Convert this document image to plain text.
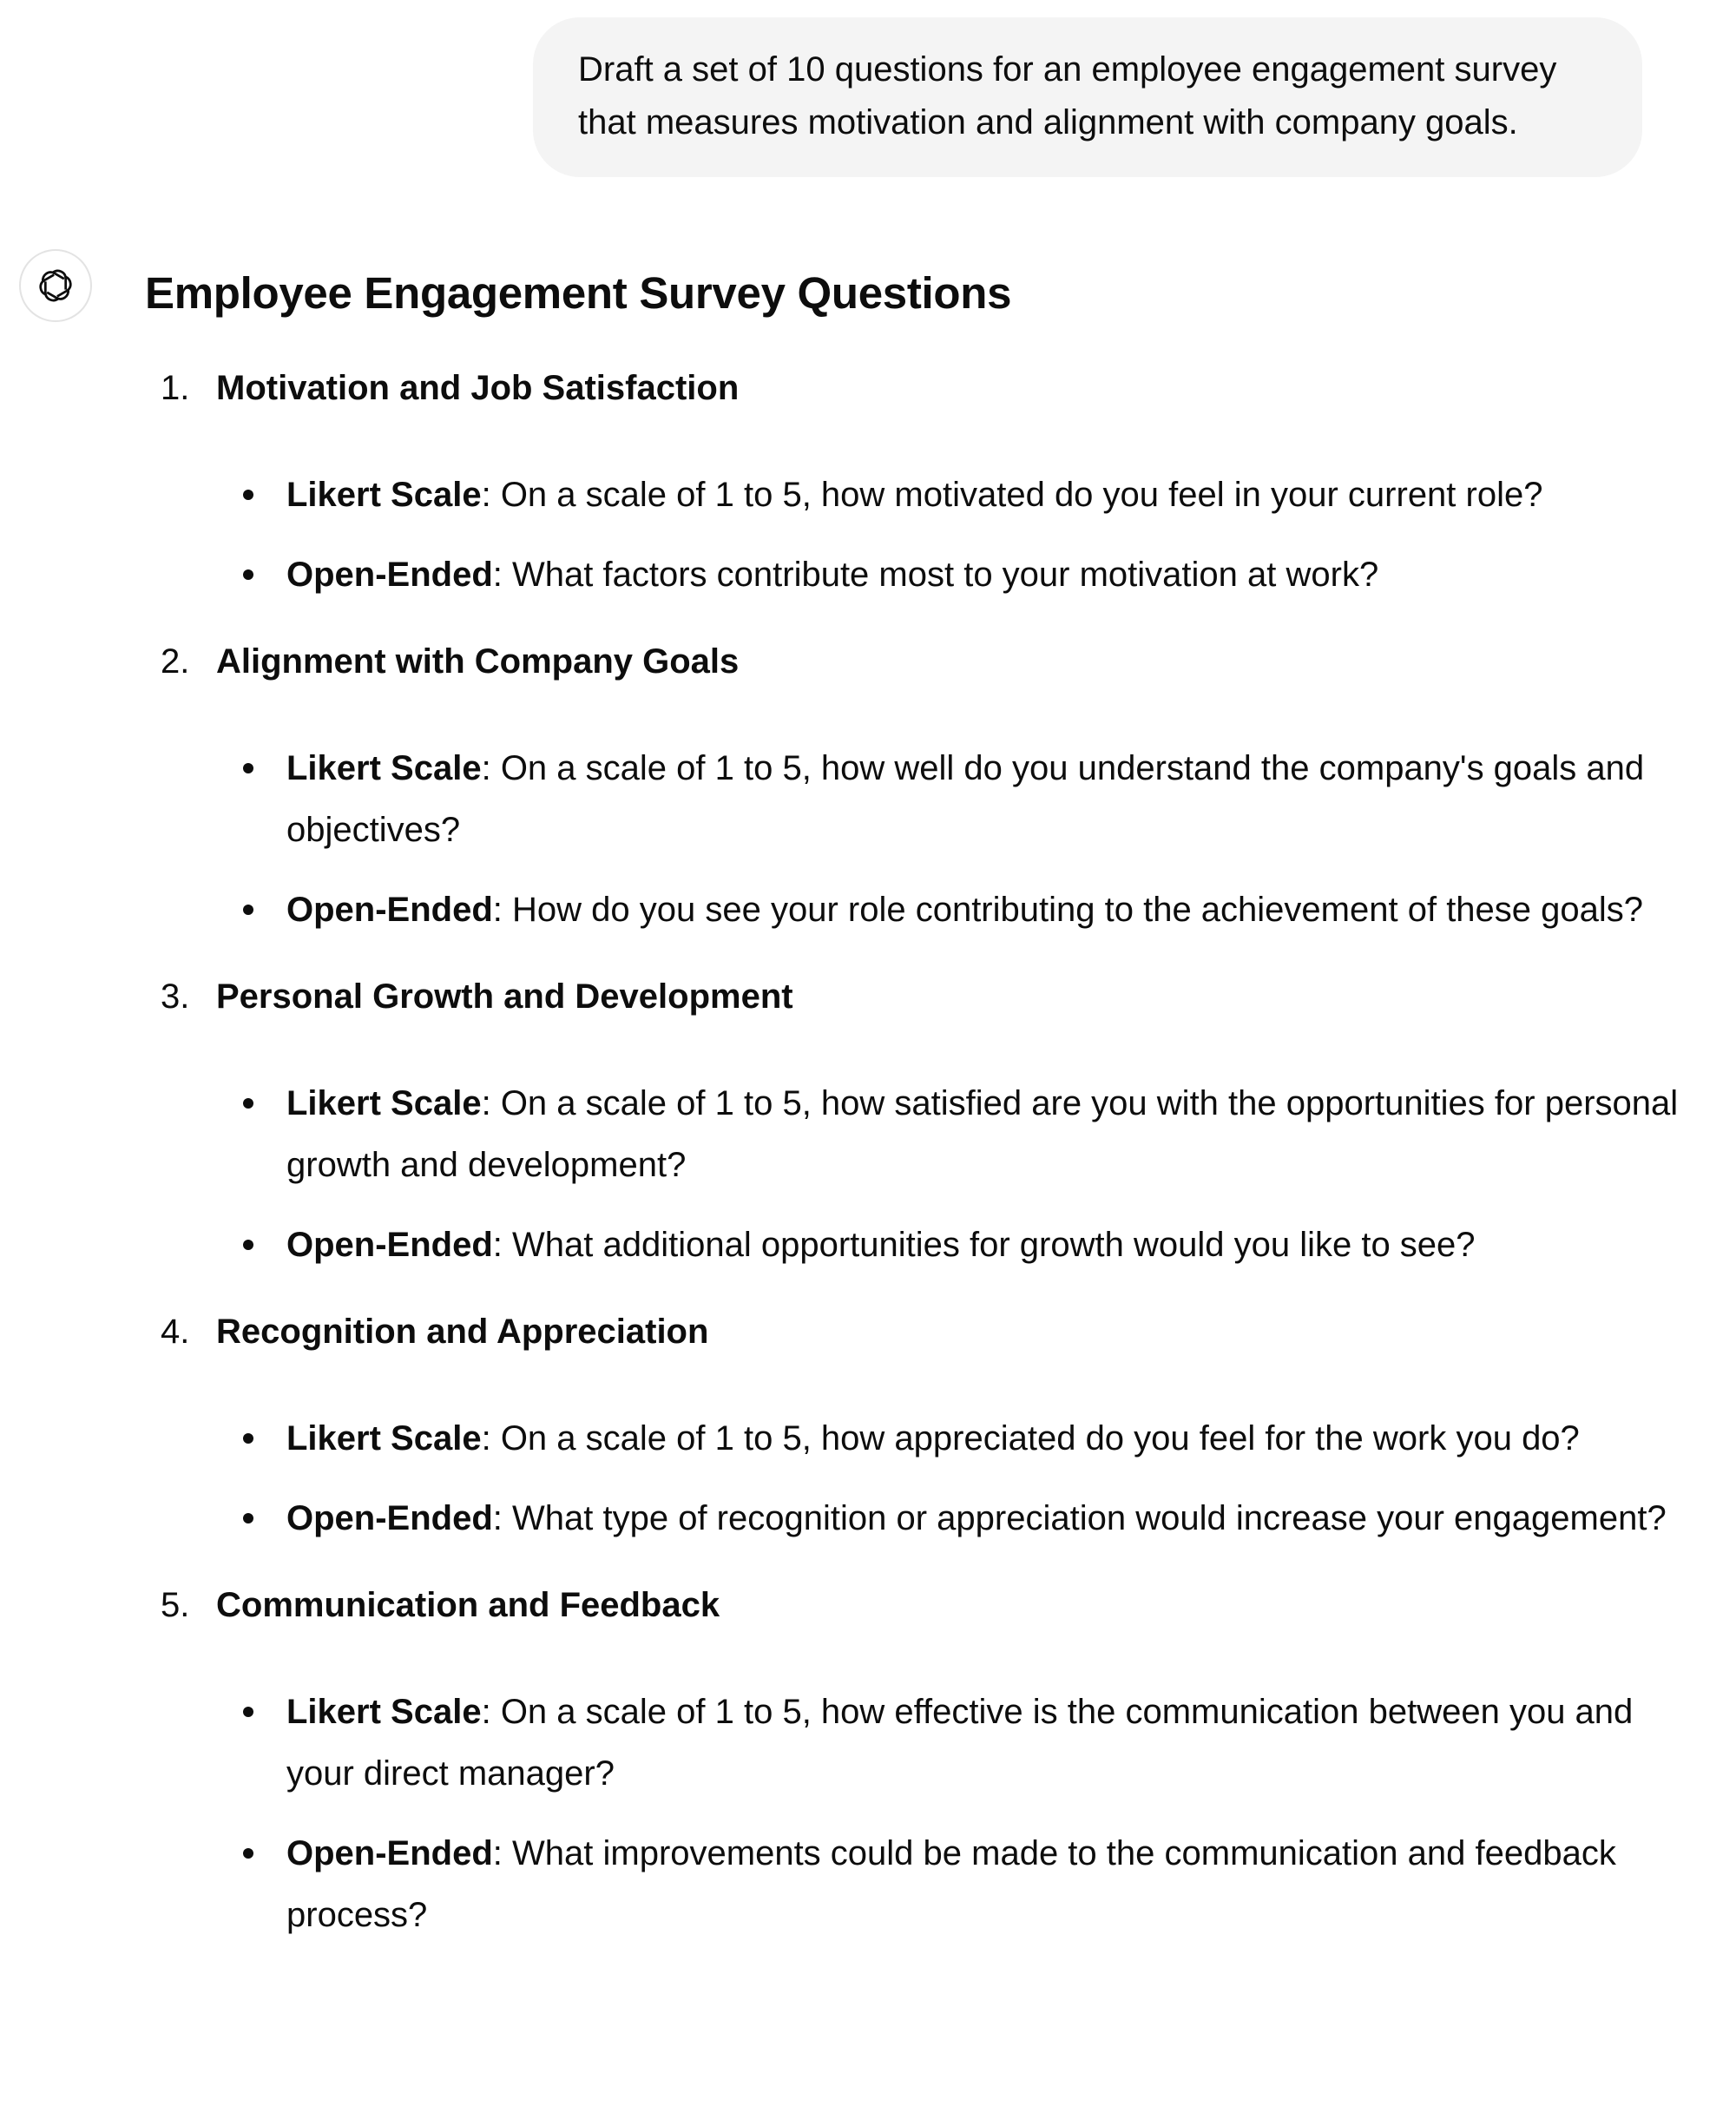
Draft a set of 10 questions for an employee engagement survey that measures motivation and alignment with company goals.
Employee Engagement Survey Questions
1. Motivation and Job Satisfaction
Likert Scale: On a scale of 1 to 5, how motivated do you feel in your current role?
Open-Ended: What factors contribute most to your motivation at work?
2. Alignment with Company Goals
Likert Scale: On a scale of 1 to 5, how well do you understand the company's goals and objectives?
Open-Ended: How do you see your role contributing to the achievement of these goals?
3. Personal Growth and Development
Likert Scale: On a scale of 1 to 5, how satisfied are you with the opportunities for personal growth and development?
Open-Ended: What additional opportunities for growth would you like to see?
4. Recognition and Appreciation
Likert Scale: On a scale of 1 to 5, how appreciated do you feel for the work you do?
Open-Ended: What type of recognition or appreciation would increase your engagement?
5. Communication and Feedback
Likert Scale: On a scale of 1 to 5, how effective is the communication between you and your direct manager?
Open-Ended: What improvements could be made to the communication and feedback process?
